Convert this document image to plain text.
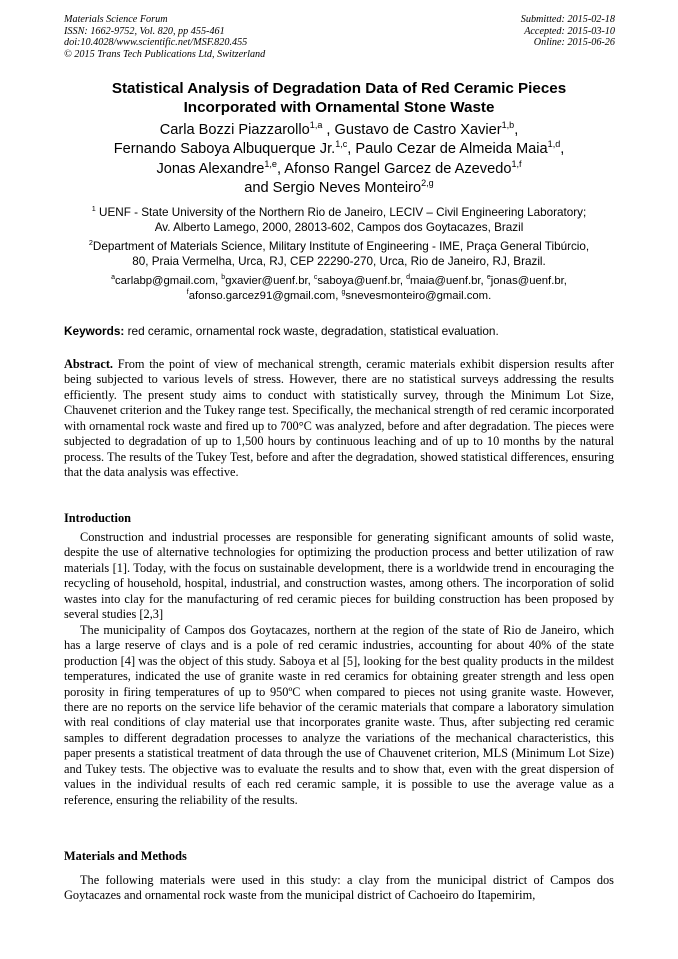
Materials Science Forum
ISSN: 1662-9752, Vol. 820, pp 455-461
doi:10.4028/www.scientific.net/MSF.820.455
© 2015 Trans Tech Publications Ltd, Switzerland
Submitted: 2015-02-18
Accepted: 2015-03-10
Online: 2015-06-26
Statistical Analysis of Degradation Data of Red Ceramic Pieces
Incorporated with Ornamental Stone Waste
Carla Bozzi Piazzarollo$^{1,a}$ , Gustavo de Castro Xavier$^{1,b}$,
Fernando Saboya Albuquerque Jr.$^{1,c}$, Paulo Cezar de Almeida Maia$^{1,d}$,
Jonas Alexandre$^{1,e}$, Afonso Rangel Garcez de Azevedo$^{1,f}$
and Sergio Neves Monteiro$^{2,g}$
$^1$ UENF - State University of the Northern Rio de Janeiro, LECIV – Civil Engineering Laboratory;
Av. Alberto Lamego, 2000, 28013-602, Campos dos Goytacazes, Brazil
$^2$Department of Materials Science, Military Institute of Engineering - IME, Praça General Tibúrcio,
80, Praia Vermelha, Urca, RJ, CEP 22290-270, Urca, Rio de Janeiro, RJ, Brazil.
$^a$carlabp@gmail.com, $^b$gxavier@uenf.br, $^c$saboya@uenf.br, $^d$maia@uenf.br, $^e$jonas@uenf.br,
$^f$afonso.garcez91@gmail.com, $^g$snevesmonteiro@gmail.com.
Keywords: red ceramic, ornamental rock waste, degradation, statistical evaluation.
Abstract. From the point of view of mechanical strength, ceramic materials exhibit dispersion results after being subjected to various levels of stress. However, there are no statistical surveys addressing the results efficiently. The present study aims to conduct with statistically survey, through the Minimum Lot Size, Chauvenet criterion and the Tukey range test. Specifically, the mechanical strength of red ceramic incorporated with ornamental rock waste and fired up to 700°C was analyzed, before and after degradation. The pieces were subjected to degradation of up to 1,500 hours by continuous leaching and of up to 10 months by the natural process. The results of the Tukey Test, before and after the degradation, showed statistical differences, ensuring that the data analysis was effective.
Introduction

Construction and industrial processes are responsible for generating significant amounts of solid waste, despite the use of alternative technologies for optimizing the production process and better utilization of raw materials [1]. Today, with the focus on sustainable development, there is a worldwide trend in encouraging the recycling of household, hospital, industrial, and construction wastes, among others. The incorporation of solid wastes into clay for the manufacturing of red ceramic pieces for building construction has been proposed by several studies [2,3]

The municipality of Campos dos Goytacazes, northern at the region of the state of Rio de Janeiro, which has a large reserve of clays and is a pole of red ceramic industries, accounting for about 40% of the state production [4] was the object of this study. Saboya et al [5], looking for the best quality products in the mildest temperatures, indicated the use of granite waste in red ceramics for obtaining greater strength and less open porosity in firing temperatures of up to 950ºC when compared to pieces not using granite waste. However, there are no reports on the service life behavior of the ceramic materials that compare a laboratory simulation with real conditions of clay material use that incorporates granite waste. Thus, after subjecting red ceramic samples to different degradation processes to analyze the variations of the mechanical characteristics, this paper presents a statistical treatment of data through the use of Chauvenet criterion, MLS (Minimum Lot Size) and Tukey tests. The objective was to evaluate the results and to show that, even with the great dispersion of values in the individual results of each red ceramic sample, it is possible to use the average value as a reference, ensuring the reliability of the results.

Materials and Methods

The following materials were used in this study: a clay from the municipal district of Campos dos Goytacazes and ornamental rock waste from the municipal district of Cachoeiro do Itapemirim,
